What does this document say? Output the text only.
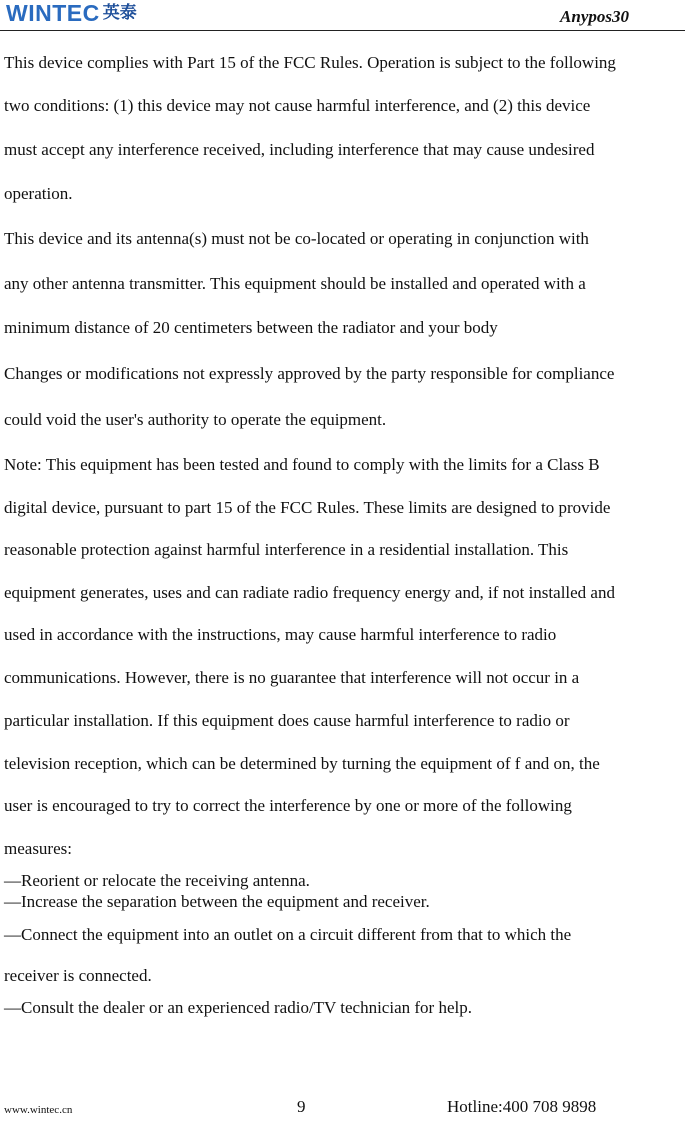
WINTEC 英泰	Anypos30
This device complies with Part 15 of the FCC Rules. Operation is subject to the following
two conditions: (1) this device may not cause harmful interference, and (2) this device
must accept any interference received, including interference that may cause undesired
operation.
This device and its antenna(s) must not be co-located or operating in conjunction with
any other antenna transmitter. This equipment should be installed and operated with a
minimum distance of 20 centimeters between the radiator and your body
Changes or modifications not expressly approved by the party responsible for compliance
could void the user's authority to operate the equipment.
Note: This equipment has been tested and found to comply with the limits for a Class B
digital device, pursuant to part 15 of the FCC Rules. These limits are designed to provide
reasonable protection against harmful interference in a residential installation. This
equipment generates, uses and can radiate radio frequency energy and, if not installed and
used in accordance with the instructions, may cause harmful interference to radio
communications. However, there is no guarantee that interference will not occur in a
particular installation. If this equipment does cause harmful interference to radio or
television reception, which can be determined by turning the equipment of f and on, the
user is encouraged to try to correct the interference by one or more of the following
measures:
—Reorient or relocate the receiving antenna.
—Increase the separation between the equipment and receiver.
—Connect the equipment into an outlet on a circuit different from that to which the
receiver is connected.
—Consult the dealer or an experienced radio/TV technician for help.
www.wintec.cn	9	Hotline:400 708 9898
